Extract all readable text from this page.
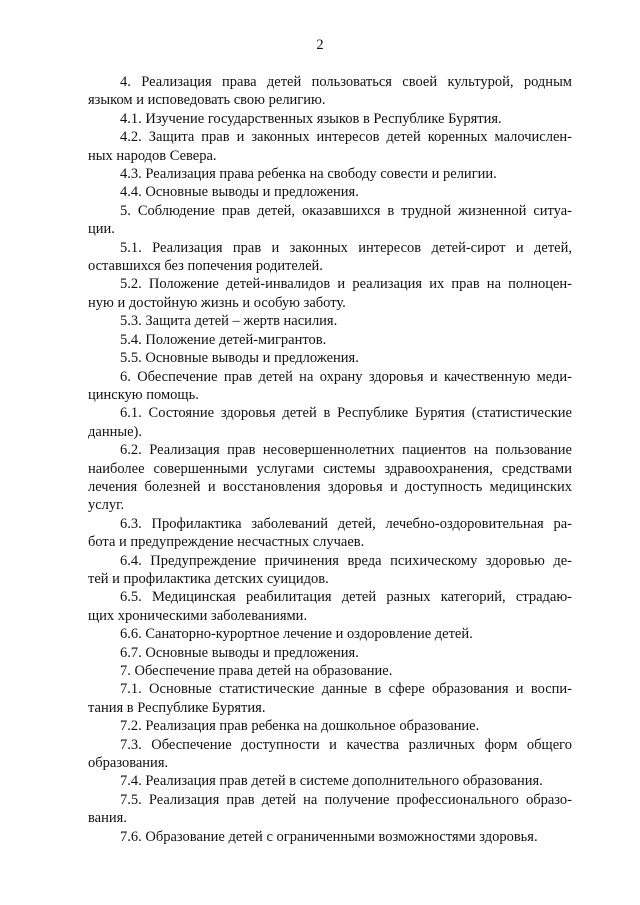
2
4. Реализация права детей пользоваться своей культурой, родным
языком и исповедовать свою религию.
4.1. Изучение государственных языков в Республике Бурятия.
4.2. Защита прав и законных интересов детей коренных малочислен-
ных народов Севера.
4.3. Реализация права ребенка на свободу совести и религии.
4.4. Основные выводы и предложения.
5. Соблюдение прав детей, оказавшихся в трудной жизненной ситуа-
ции.
5.1. Реализация прав и законных интересов детей-сирот и детей,
оставшихся без попечения родителей.
5.2. Положение детей-инвалидов и реализация их прав на полноцен-
ную и достойную жизнь и особую заботу.
5.3. Защита детей – жертв насилия.
5.4. Положение детей-мигрантов.
5.5. Основные выводы и предложения.
6. Обеспечение прав детей на охрану здоровья и качественную меди-
цинскую помощь.
6.1. Состояние здоровья детей в Республике Бурятия (статистические
данные).
6.2. Реализация прав несовершеннолетних пациентов на пользование
наиболее совершенными услугами системы здравоохранения, средствами
лечения болезней и восстановления здоровья и доступность медицинских
услуг.
6.3. Профилактика заболеваний детей, лечебно-оздоровительная ра-
бота и предупреждение несчастных случаев.
6.4. Предупреждение причинения вреда психическому здоровью де-
тей и профилактика детских суицидов.
6.5. Медицинская реабилитация детей разных категорий, страдаю-
щих хроническими заболеваниями.
6.6. Санаторно-курортное лечение и оздоровление детей.
6.7. Основные выводы и предложения.
7. Обеспечение права детей на образование.
7.1. Основные статистические данные в сфере образования и воспи-
тания в Республике Бурятия.
7.2. Реализация прав ребенка на дошкольное образование.
7.3. Обеспечение доступности и качества различных форм общего
образования.
7.4. Реализация прав детей в системе дополнительного образования.
7.5. Реализация прав детей на получение профессионального образо-
вания.
7.6. Образование детей с ограниченными возможностями здоровья.
